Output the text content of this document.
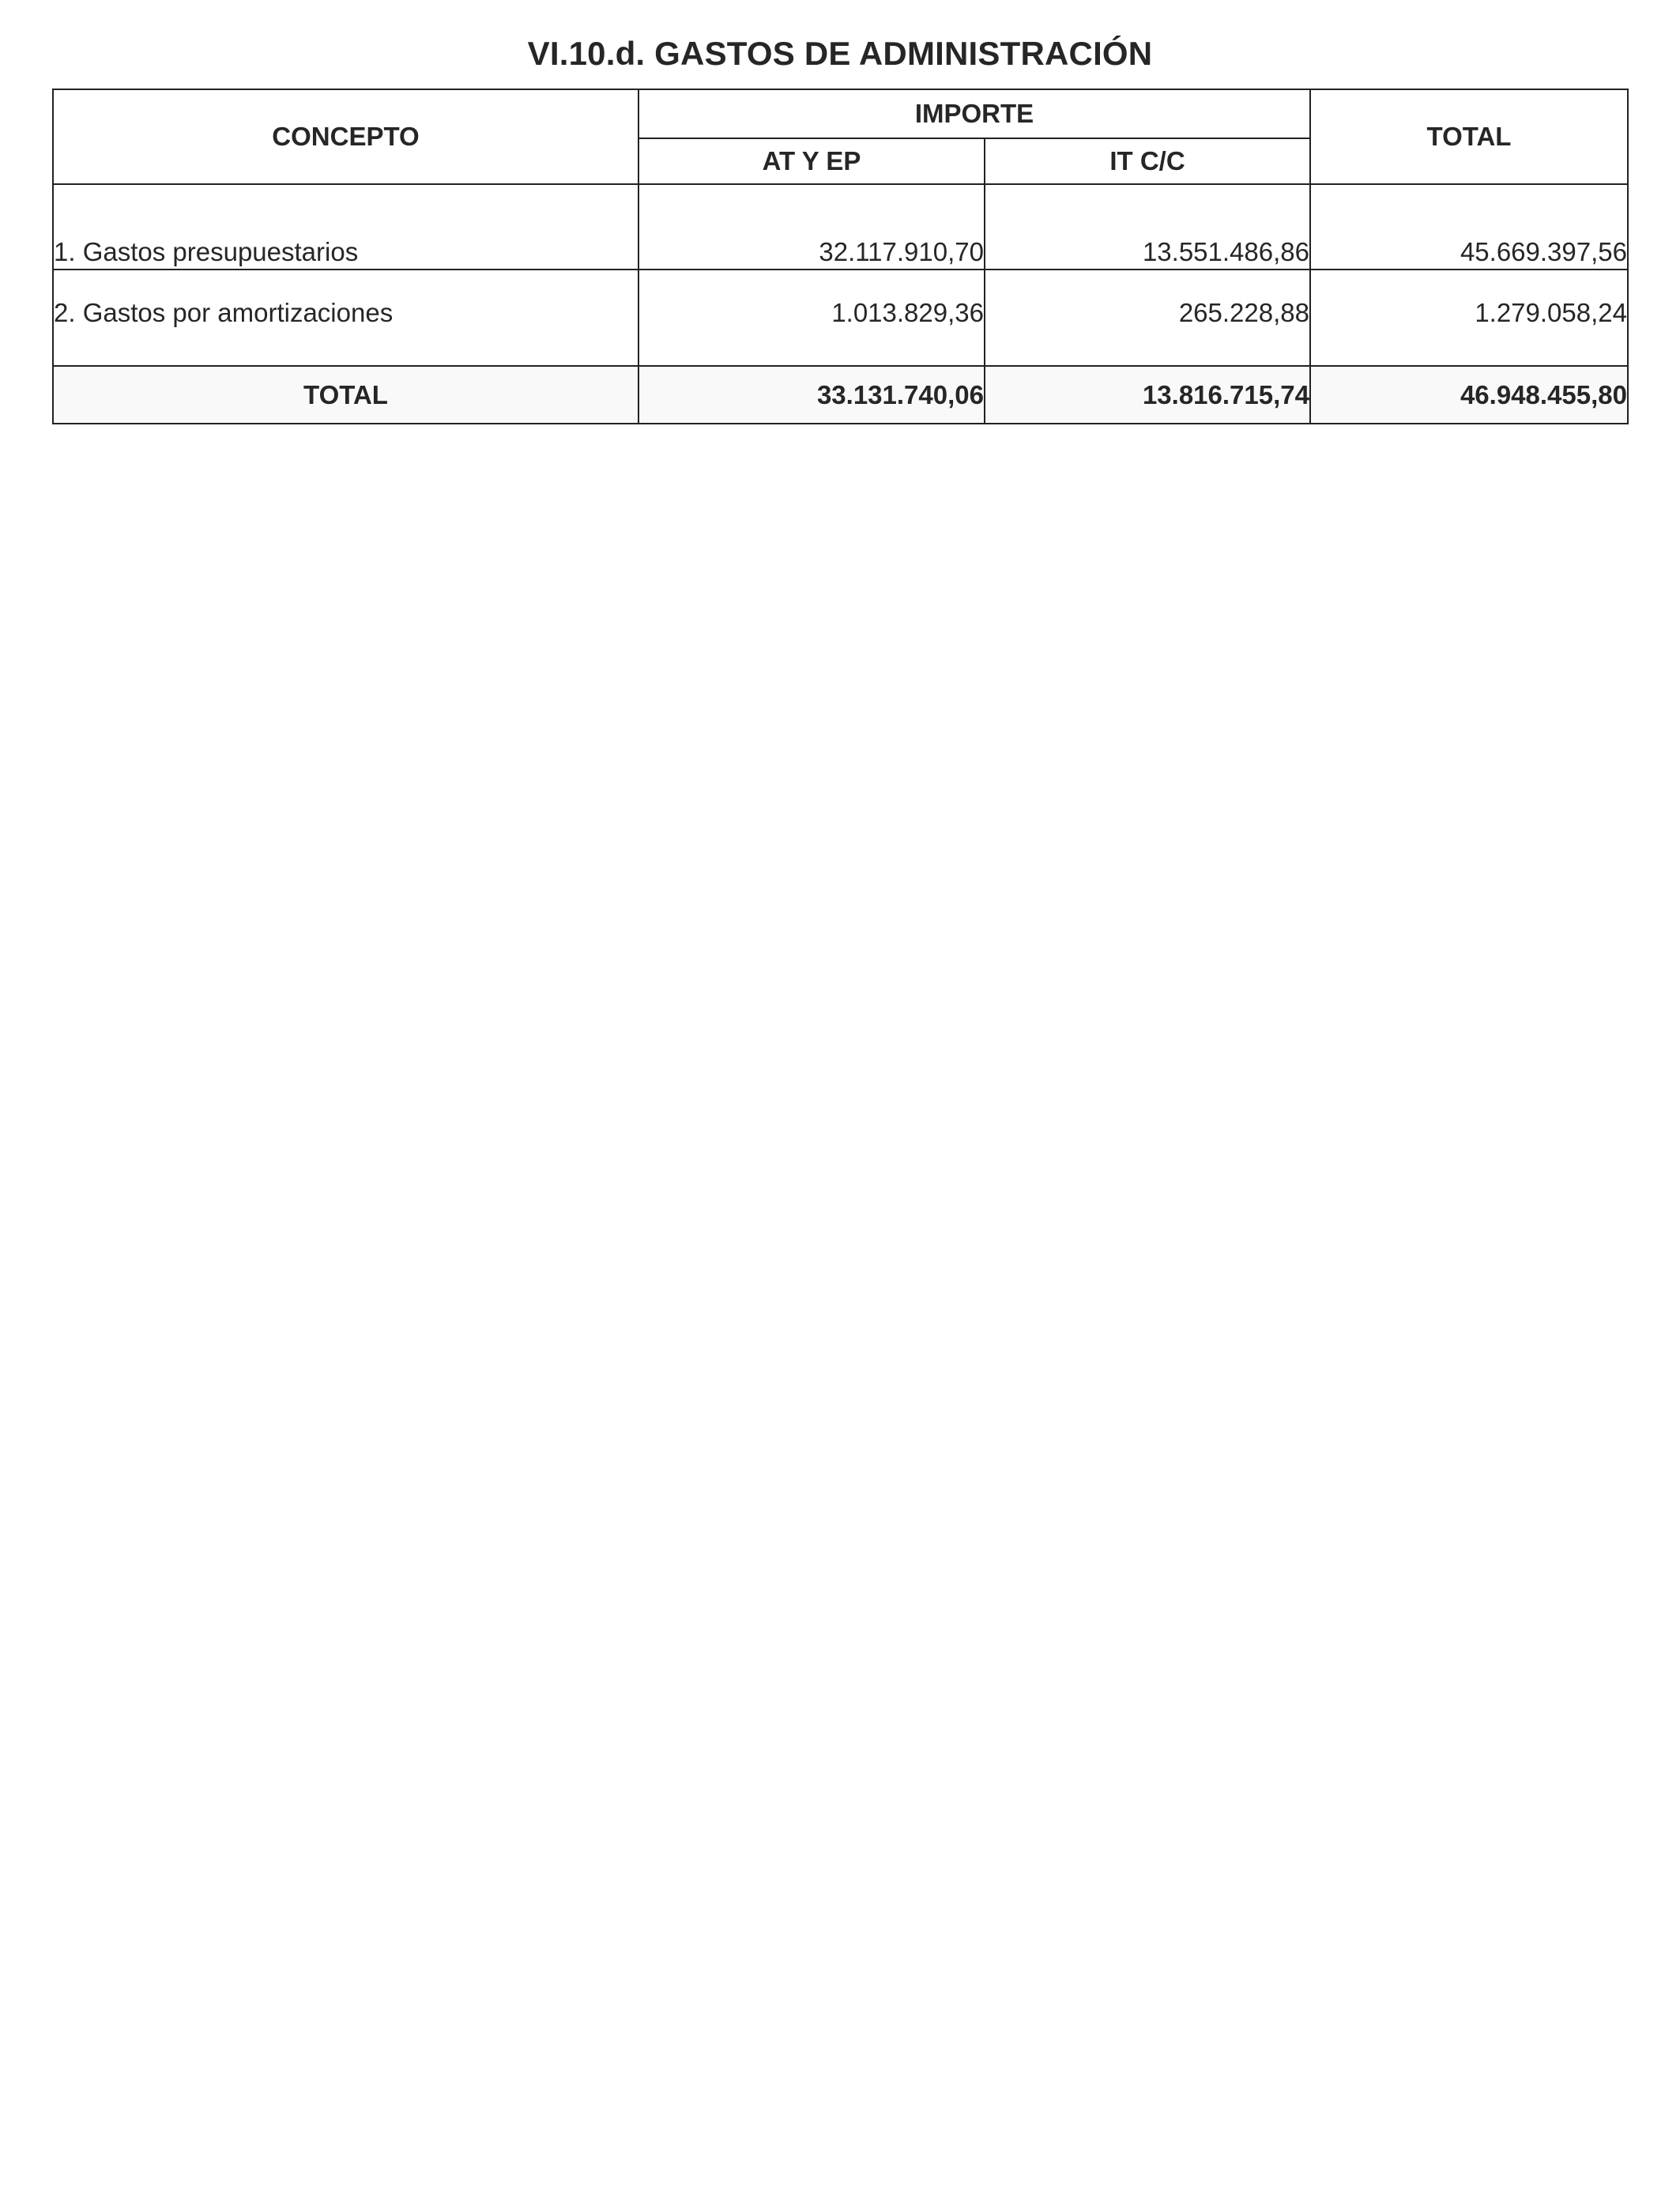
VI.10.d. GASTOS DE ADMINISTRACIÓN
CONCEPTO	IMPORTE		TOTAL
	AT Y EP	IT C/C	
1. Gastos presupuestarios	32.117.910,70	13.551.486,86	45.669.397,56
2. Gastos por amortizaciones	1.013.829,36	265.228,88	1.279.058,24
TOTAL	33.131.740,06	13.816.715,74	46.948.455,80
